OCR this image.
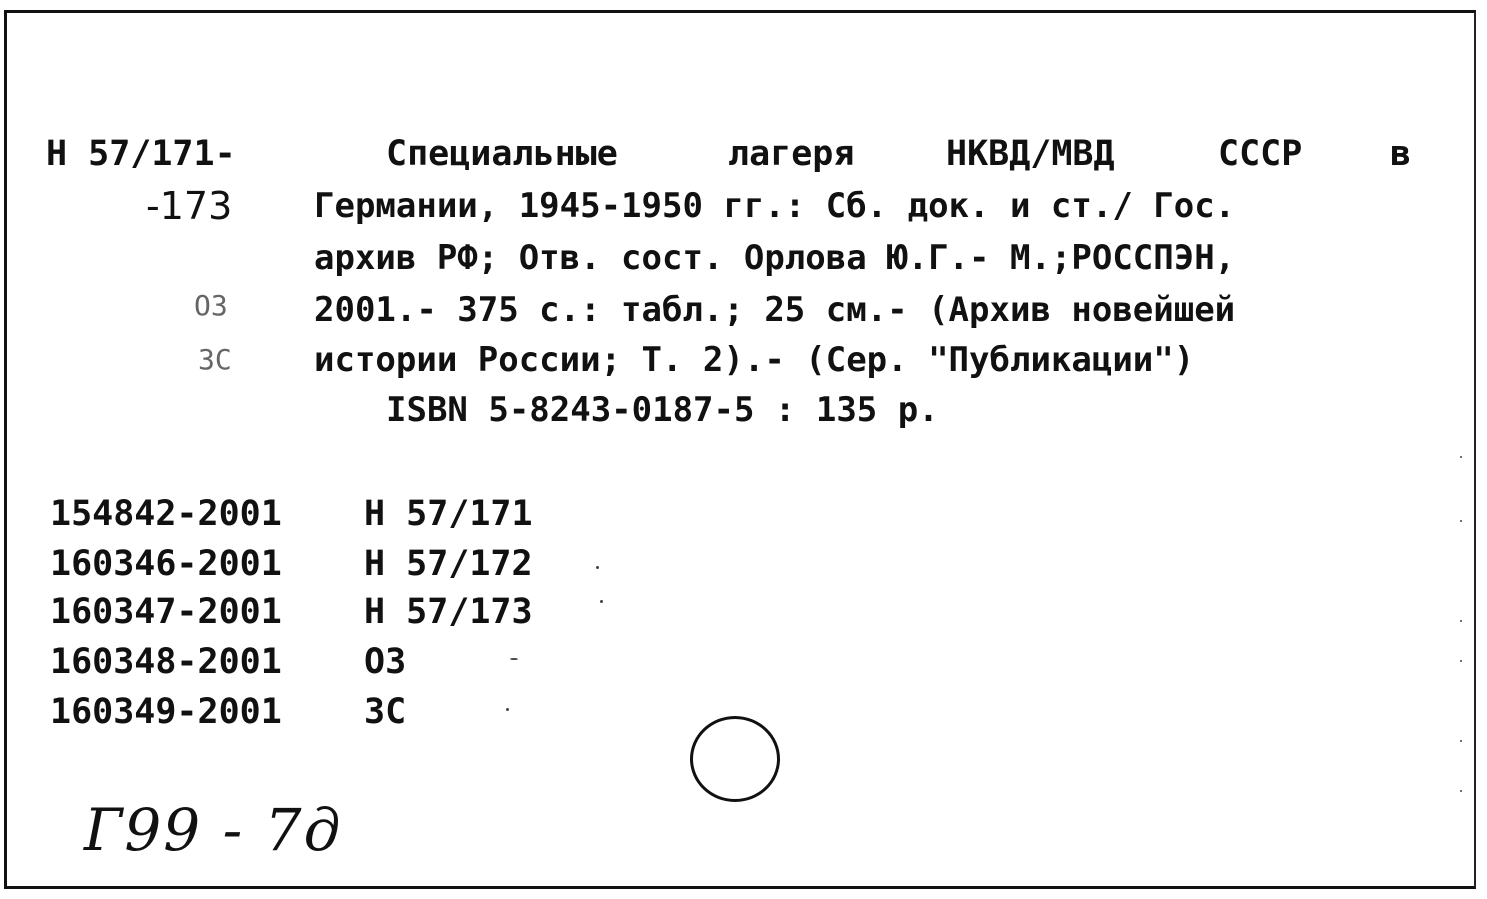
Н 57/171-
-173
ОЗ
ЗС
Специальные	лагеря	НКВД/МВД	СССР	в
Германии, 1945-1950 гг.: Сб. док. и ст./ Гос.
архив РФ; Отв. сост. Орлова Ю.Г.- М.;РОССПЭН,
2001.- 375 с.: табл.; 25 см.- (Архив новейшей
истории России; Т. 2).- (Сер. "Публикации")
ISBN 5-8243-0187-5 : 135 р.
154842-2001 Н 57/171
160346-2001 Н 57/172
160347-2001 Н 57/173
160348-2001 ОЗ
160349-2001 ЗС
Г99 - 7д
